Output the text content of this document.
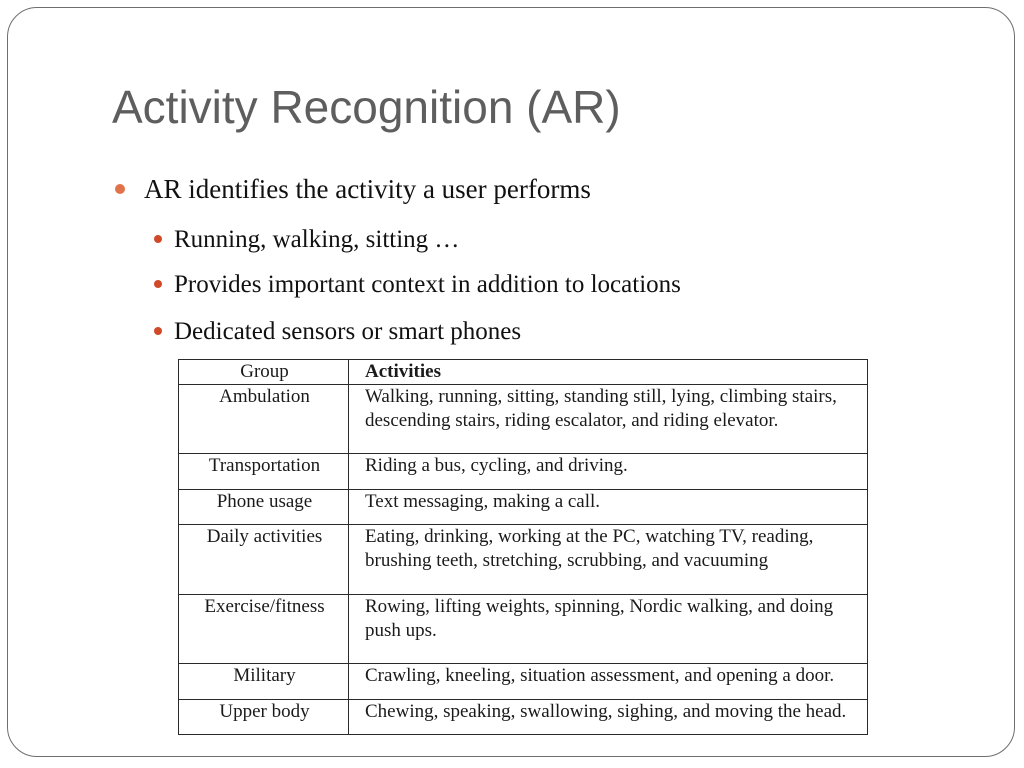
Activity Recognition (AR)
AR identifies the activity a user performs
Running, walking, sitting …
Provides important context in addition to locations
Dedicated sensors or smart phones
Group	Activities
Ambulation	Walking, running, sitting, standing still, lying, climbing stairs, descending stairs, riding escalator, and riding elevator.
Transportation	Riding a bus, cycling, and driving.
Phone usage	Text messaging, making a call.
Daily activities	Eating, drinking, working at the PC, watching TV, reading, brushing teeth, stretching, scrubbing, and vacuuming
Exercise/fitness	Rowing, lifting weights, spinning, Nordic walking, and doing push ups.
Military	Crawling, kneeling, situation assessment, and opening a door.
Upper body	Chewing, speaking, swallowing, sighing, and moving the head.
